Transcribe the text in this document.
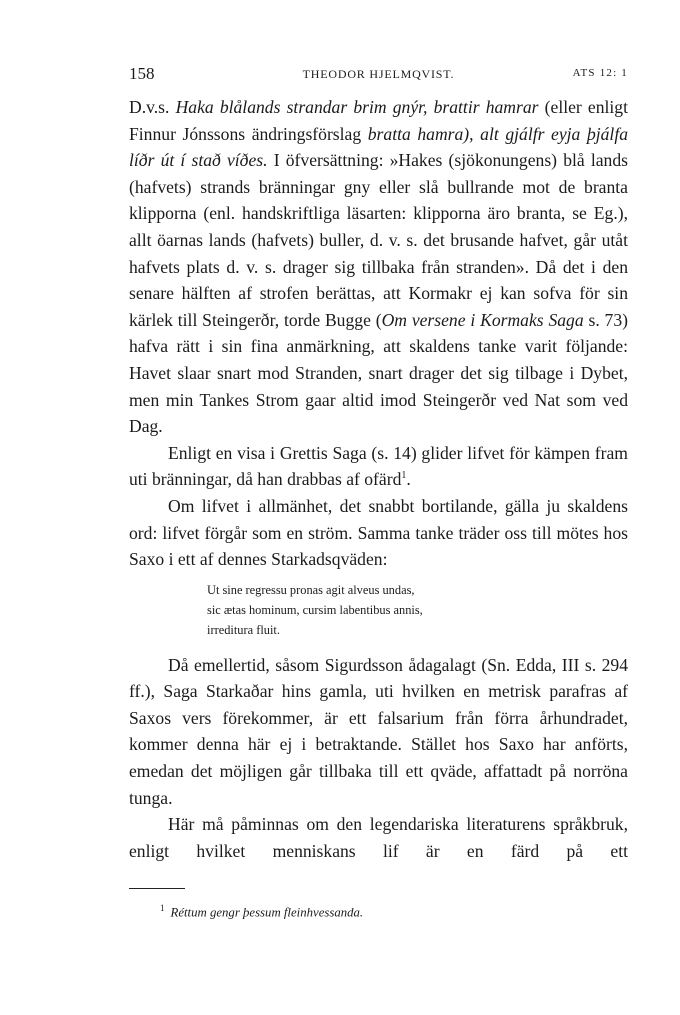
158	THEODOR HJELMQVIST.	ATS 12: 1

D.v.s. Haka blålands strandar brim gnýr, brattir hamrar (eller enligt Finnur Jónssons ändringsförslag bratta hamra), alt gjálfr eyja þjálfa líðr út í stað víðes. I öfversättning: »Hakes (sjökonungens) blå lands (hafvets) strands bränningar gny eller slå bullrande mot de branta klipporna (enl. handskriftliga läsarten: klipporna äro branta, se Eg.), allt öarnas lands (hafvets) buller, d. v. s. det brusande hafvet, går utåt hafvets plats d. v. s. drager sig tillbaka från stranden». Då det i den senare hälften af strofen berättas, att Kormakr ej kan sofva för sin kärlek till Steingerðr, torde Bugge (Om versene i Kormaks Saga s. 73) hafva rätt i sin fina anmärkning, att skaldens tanke varit följande: Havet slaar snart mod Stranden, snart drager det sig tilbage i Dybet, men min Tankes Strom gaar altid imod Steingerðr ved Nat som ved Dag.

Enligt en visa i Grettis Saga (s. 14) glider lifvet för kämpen fram uti bränningar, då han drabbas af ofärd$^1$.

Om lifvet i allmänhet, det snabbt bortilande, gälla ju skaldens ord: lifvet förgår som en ström. Samma tanke träder oss till mötes hos Saxo i ett af dennes Starkadsqväden:

Ut sine regressu pronas agit alveus undas,
sic ætas hominum, cursim labentibus annis,
irreditura fluit.

Då emellertid, såsom Sigurdsson ådagalagt (Sn. Edda, III s. 294 ff.), Saga Starkaðar hins gamla, uti hvilken en metrisk parafras af Saxos vers förekommer, är ett falsarium från förra århundradet, kommer denna här ej i betraktande. Stället hos Saxo har anförts, emedan det möjligen går tillbaka till ett qväde, affattadt på norröna tunga.

Här må påminnas om den legendariska literaturens språkbruk, enligt hvilket menniskans lif är en färd på ett

$^1$ Réttum gengr þessum fleinhvessanda.
